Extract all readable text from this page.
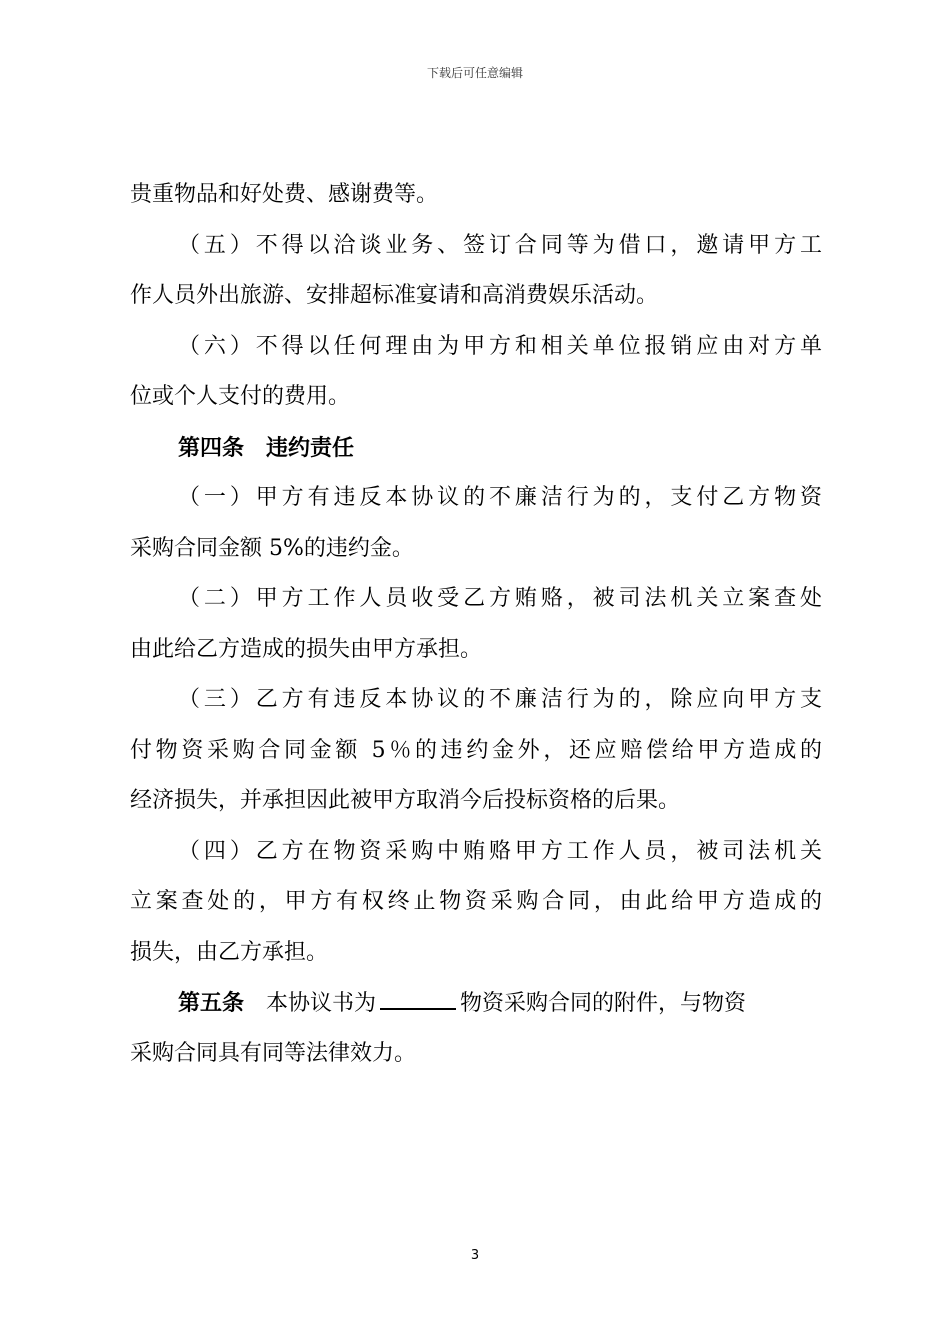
下载后可任意编辑
贵重物品和好处费、感谢费等。
（五）不得以洽谈业务、签订合同等为借口，邀请甲方工
作人员外出旅游、安排超标准宴请和高消费娱乐活动。
（六）不得以任何理由为甲方和相关单位报销应由对方单
位或个人支付的费用。
第四条 违约责任
（一）甲方有违反本协议的不廉洁行为的，支付乙方物资
采购合同金额 5%的违约金。
（二）甲方工作人员收受乙方贿赂，被司法机关立案查处
由此给乙方造成的损失由甲方承担。
（三）乙方有违反本协议的不廉洁行为的，除应向甲方支
付物资采购合同金额 5％的违约金外，还应赔偿给甲方造成的
经济损失，并承担因此被甲方取消今后投标资格的后果。
（四）乙方在物资采购中贿赂甲方工作人员，被司法机关
立案查处的，甲方有权终止物资采购合同，由此给甲方造成的
损失，由乙方承担。
第五条 本协议书为	物资采购合同的附件，与物资
采购合同具有同等法律效力。
3
